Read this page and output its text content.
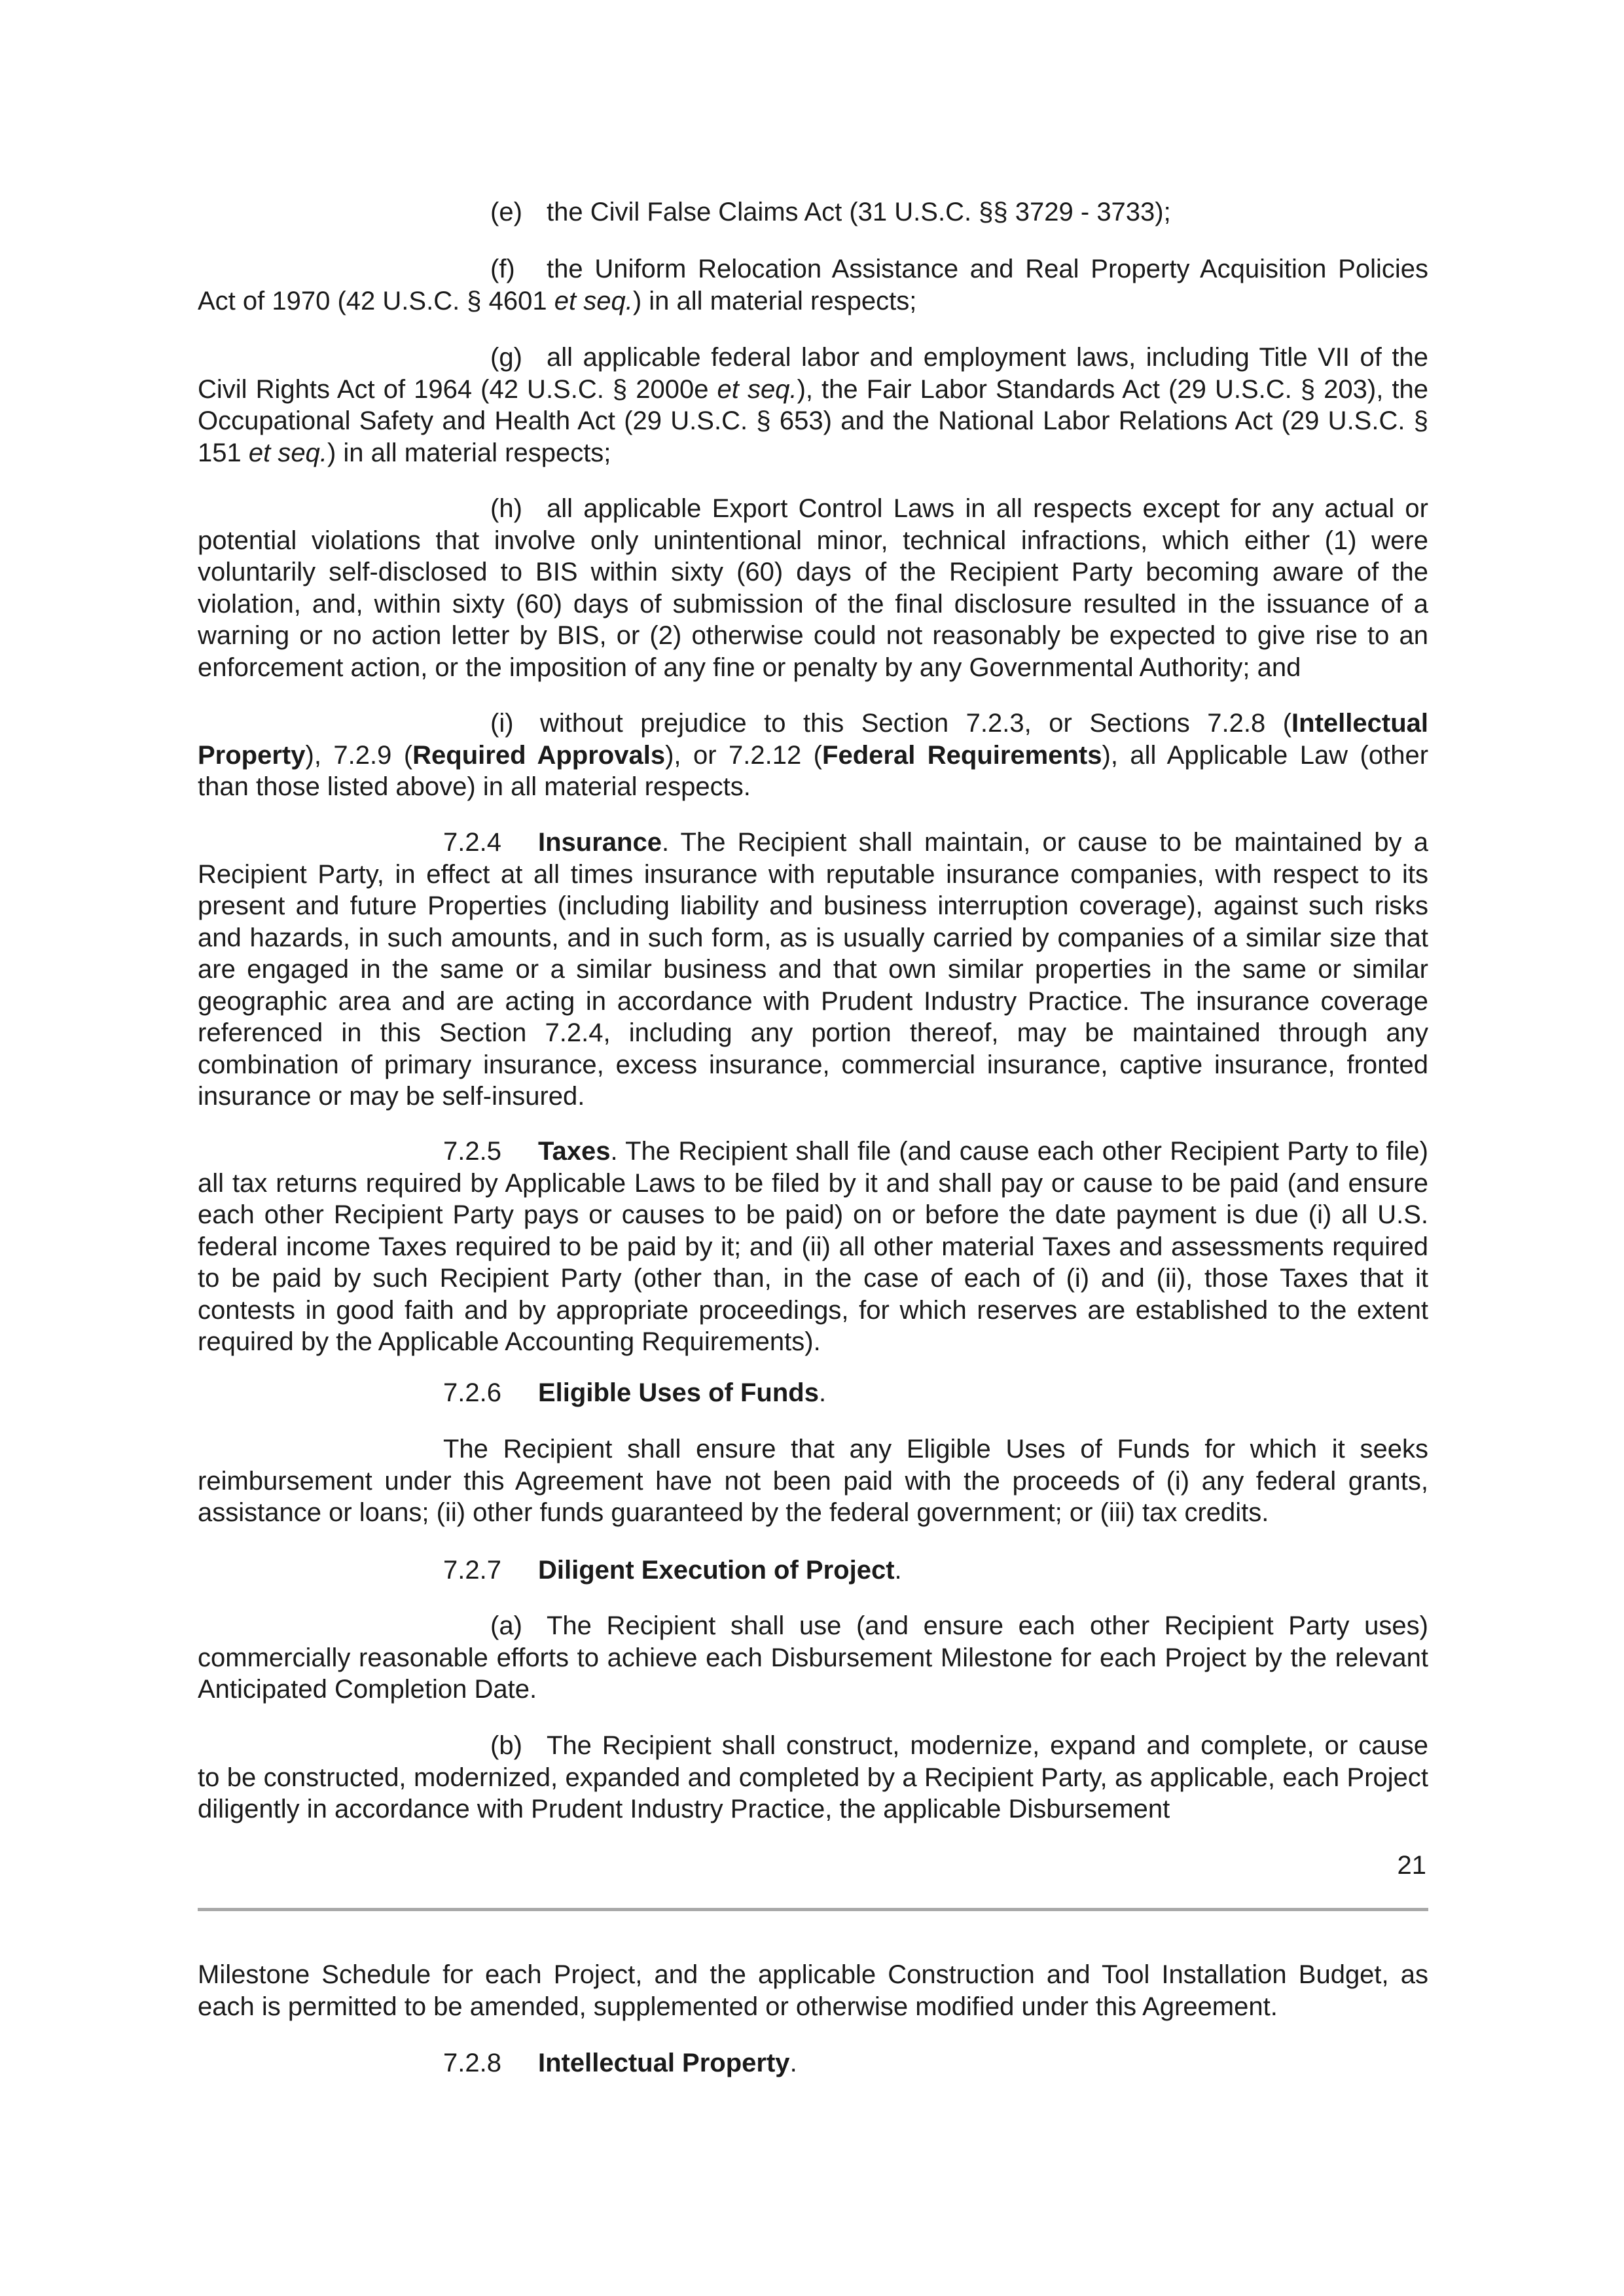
(e) the Civil False Claims Act (31 U.S.C. §§ 3729 - 3733);

(f) the Uniform Relocation Assistance and Real Property Acquisition Policies Act of 1970 (42 U.S.C. § 4601 et seq.) in all material respects;

(g) all applicable federal labor and employment laws, including Title VII of the Civil Rights Act of 1964 (42 U.S.C. § 2000e et seq.), the Fair Labor Standards Act (29 U.S.C. § 203), the Occupational Safety and Health Act (29 U.S.C. § 653) and the National Labor Relations Act (29 U.S.C. § 151 et seq.) in all material respects;

(h) all applicable Export Control Laws in all respects except for any actual or potential violations that involve only unintentional minor, technical infractions, which either (1) were voluntarily self-disclosed to BIS within sixty (60) days of the Recipient Party becoming aware of the violation, and, within sixty (60) days of submission of the final disclosure resulted in the issuance of a warning or no action letter by BIS, or (2) otherwise could not reasonably be expected to give rise to an enforcement action, or the imposition of any fine or penalty by any Governmental Authority; and

(i) without prejudice to this Section 7.2.3, or Sections 7.2.8 (Intellectual Property), 7.2.9 (Required Approvals), or 7.2.12 (Federal Requirements), all Applicable Law (other than those listed above) in all material respects.

7.2.4 Insurance. The Recipient shall maintain, or cause to be maintained by a Recipient Party, in effect at all times insurance with reputable insurance companies, with respect to its present and future Properties (including liability and business interruption coverage), against such risks and hazards, in such amounts, and in such form, as is usually carried by companies of a similar size that are engaged in the same or a similar business and that own similar properties in the same or similar geographic area and are acting in accordance with Prudent Industry Practice. The insurance coverage referenced in this Section 7.2.4, including any portion thereof, may be maintained through any combination of primary insurance, excess insurance, commercial insurance, captive insurance, fronted insurance or may be self-insured.

7.2.5 Taxes. The Recipient shall file (and cause each other Recipient Party to file) all tax returns required by Applicable Laws to be filed by it and shall pay or cause to be paid (and ensure each other Recipient Party pays or causes to be paid) on or before the date payment is due (i) all U.S. federal income Taxes required to be paid by it; and (ii) all other material Taxes and assessments required to be paid by such Recipient Party (other than, in the case of each of (i) and (ii), those Taxes that it contests in good faith and by appropriate proceedings, for which reserves are established to the extent required by the Applicable Accounting Requirements).

7.2.6 Eligible Uses of Funds.

The Recipient shall ensure that any Eligible Uses of Funds for which it seeks reimbursement under this Agreement have not been paid with the proceeds of (i) any federal grants, assistance or loans; (ii) other funds guaranteed by the federal government; or (iii) tax credits.

7.2.7 Diligent Execution of Project.

(a) The Recipient shall use (and ensure each other Recipient Party uses) commercially reasonable efforts to achieve each Disbursement Milestone for each Project by the relevant Anticipated Completion Date.

(b) The Recipient shall construct, modernize, expand and complete, or cause to be constructed, modernized, expanded and completed by a Recipient Party, as applicable, each Project diligently in accordance with Prudent Industry Practice, the applicable Disbursement

21

Milestone Schedule for each Project, and the applicable Construction and Tool Installation Budget, as each is permitted to be amended, supplemented or otherwise modified under this Agreement.

7.2.8 Intellectual Property.
